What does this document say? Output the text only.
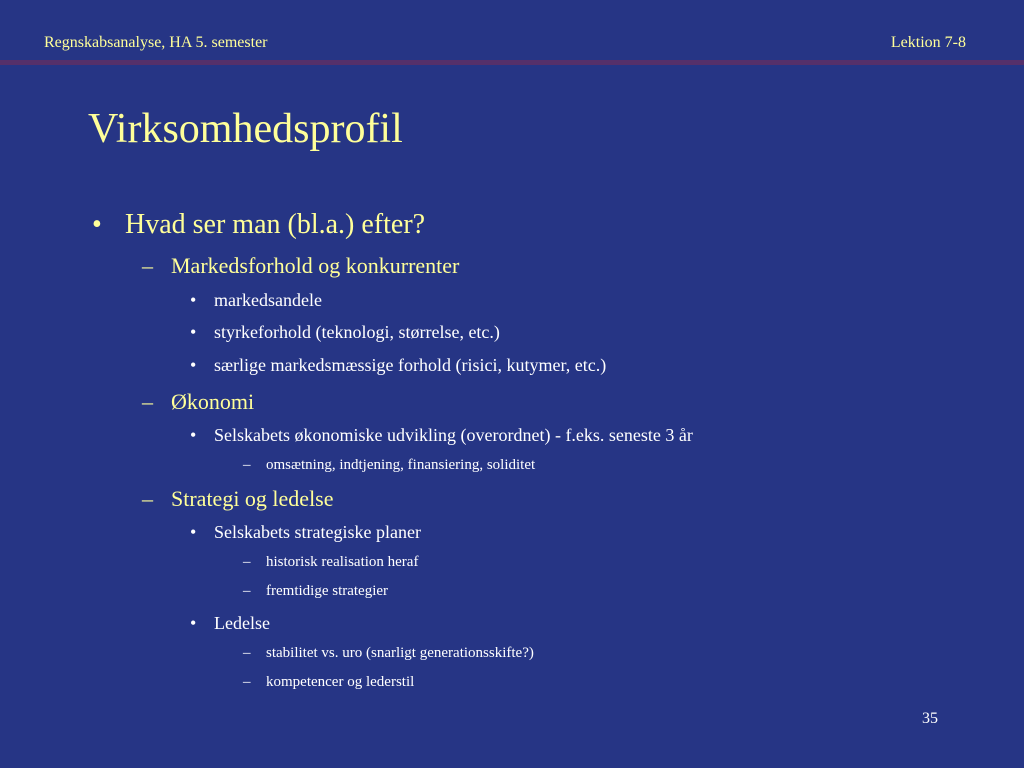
Regnskabsanalyse, HA 5. semester	Lektion 7-8
Virksomhedsprofil
• Hvad ser man (bl.a.) efter?
– Markedsforhold og konkurrenter
• markedsandele
• styrkeforhold (teknologi, størrelse, etc.)
• særlige markedsmæssige forhold (risici, kutymer, etc.)
– Økonomi
• Selskabets økonomiske udvikling (overordnet) - f.eks. seneste 3 år
– omsætning, indtjening, finansiering, soliditet
– Strategi og ledelse
• Selskabets strategiske planer
– historisk realisation heraf
– fremtidige strategier
• Ledelse
– stabilitet vs. uro (snarligt generationsskifte?)
– kompetencer og lederstil
35
